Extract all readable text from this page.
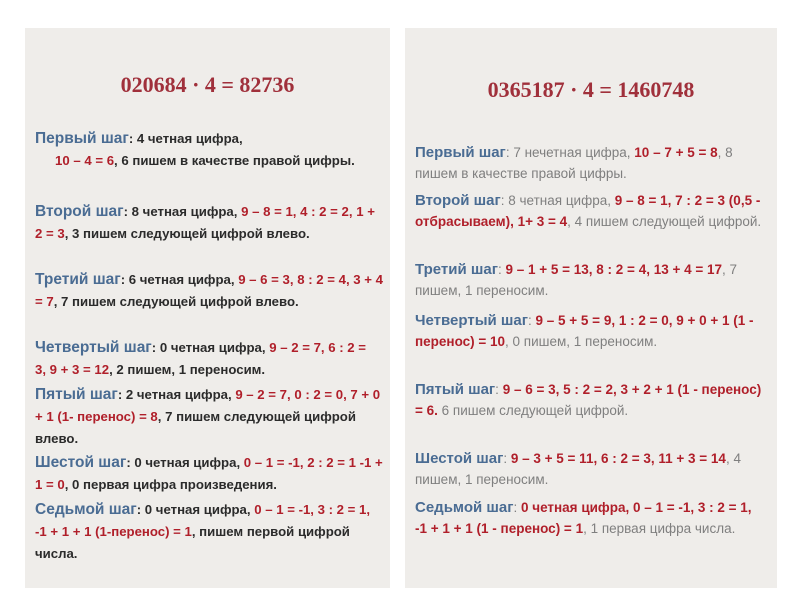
020684 · 4 = 82736
Первый шаг: 4 четная цифра,
10 – 4 = 6, 6 пишем в качестве правой цифры.
Второй шаг: 8 четная цифра, 9 – 8 = 1, 4 : 2 = 2, 1 + 2 = 3, 3 пишем следующей цифрой влево.
Третий шаг: 6 четная цифра, 9 – 6 = 3, 8 : 2 = 4, 3 + 4 = 7, 7 пишем следующей цифрой влево.
Четвертый шаг: 0 четная цифра, 9 – 2 = 7, 6 : 2 = 3, 9 + 3 = 12, 2 пишем, 1 переносим.
Пятый шаг: 2 четная цифра, 9 – 2 = 7, 0 : 2 = 0, 7 + 0 + 1 (1- перенос) = 8, 7 пишем следующей цифрой влево.
Шестой шаг: 0 четная цифра, 0 – 1 = -1, 2 : 2 = 1 -1 + 1 = 0, 0 первая цифра произведения.
Седьмой шаг: 0 четная цифра, 0 – 1 = -1, 3 : 2 = 1, -1 + 1 + 1 (1-перенос) = 1, пишем первой цифрой числа.
0365187 · 4 = 1460748
Первый шаг: 7 нечетная цифра, 10 – 7 + 5 = 8, 8 пишем в качестве правой цифры.
Второй шаг: 8 четная цифра, 9 – 8 = 1, 7 : 2 = 3 (0,5 - отбрасываем), 1+ 3 = 4, 4 пишем следующей цифрой.
Третий шаг: 9 – 1 + 5 = 13, 8 : 2 = 4, 13 + 4 = 17, 7 пишем, 1 переносим.
Четвертый шаг: 9 – 5 + 5 = 9, 1 : 2 = 0, 9 + 0 + 1 (1 - перенос) = 10, 0 пишем, 1 переносим.
Пятый шаг: 9 – 6 = 3, 5 : 2 = 2, 3 + 2 + 1 (1 - перенос) = 6. 6 пишем следующей цифрой.
Шестой шаг: 9 – 3 + 5 = 11, 6 : 2 = 3, 11 + 3 = 14, 4 пишем, 1 переносим.
Седьмой шаг: 0 четная цифра, 0 – 1 = -1, 3 : 2 = 1, -1 + 1 + 1 (1 - перенос) = 1, 1 первая цифра числа.
